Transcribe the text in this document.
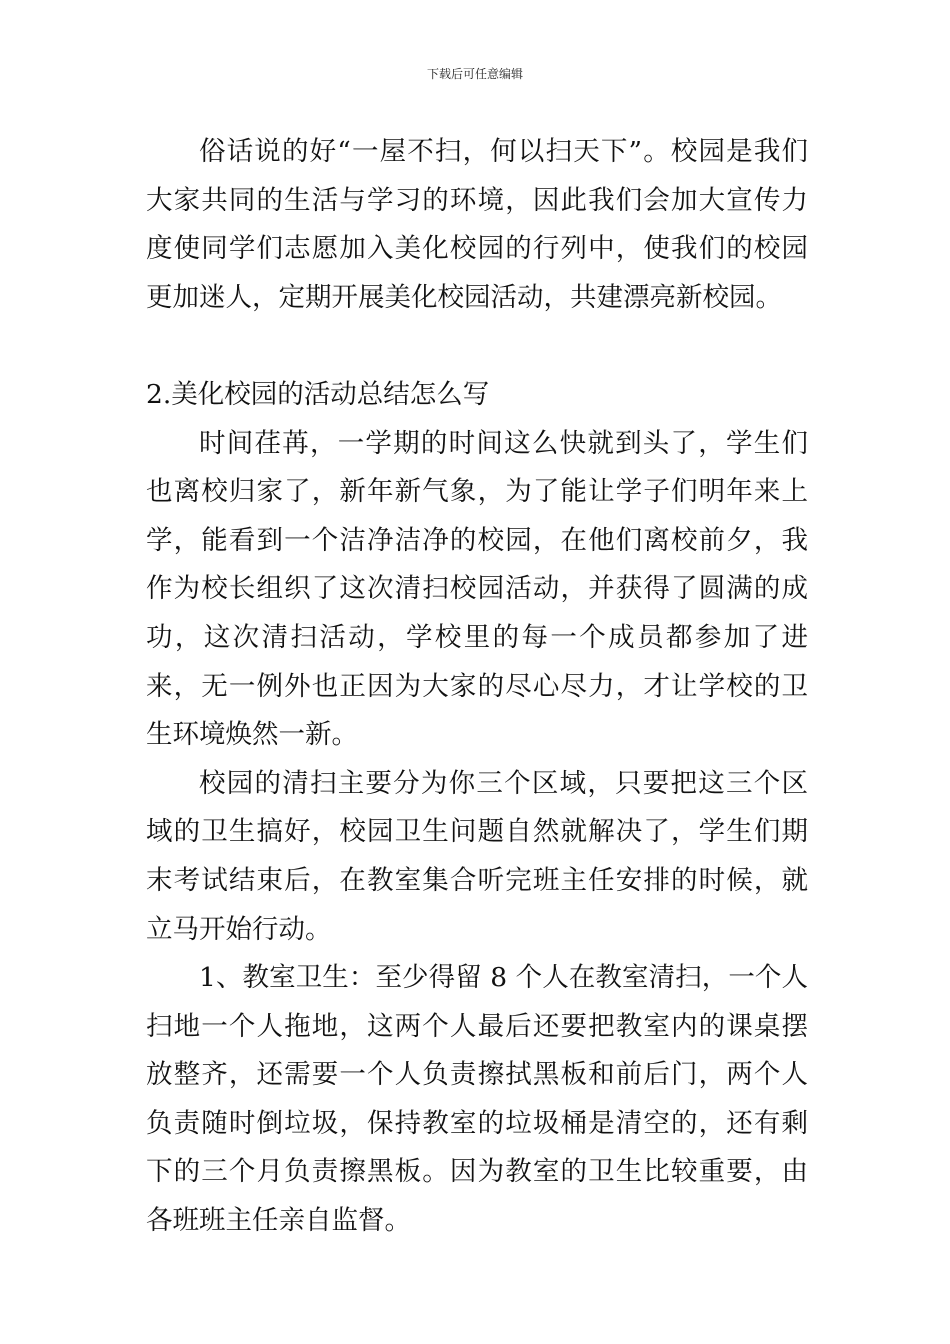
下载后可任意编辑

俗话说的好“一屋不扫，何以扫天下”。校园是我们大家共同的生活与学习的环境，因此我们会加大宣传力度使同学们志愿加入美化校园的行列中，使我们的校园更加迷人，定期开展美化校园活动，共建漂亮新校园。

2.美化校园的活动总结怎么写

时间荏苒，一学期的时间这么快就到头了，学生们也离校归家了，新年新气象，为了能让学子们明年来上学，能看到一个洁净洁净的校园，在他们离校前夕，我作为校长组织了这次清扫校园活动，并获得了圆满的成功，这次清扫活动，学校里的每一个成员都参加了进来，无一例外也正因为大家的尽心尽力，才让学校的卫生环境焕然一新。

校园的清扫主要分为你三个区域，只要把这三个区域的卫生搞好，校园卫生问题自然就解决了，学生们期末考试结束后，在教室集合听完班主任安排的时候，就立马开始行动。

1、教室卫生：至少得留 8 个人在教室清扫，一个人扫地一个人拖地，这两个人最后还要把教室内的课桌摆放整齐，还需要一个人负责擦拭黑板和前后门，两个人负责随时倒垃圾，保持教室的垃圾桶是清空的，还有剩下的三个月负责擦黑板。因为教室的卫生比较重要，由各班班主任亲自监督。
